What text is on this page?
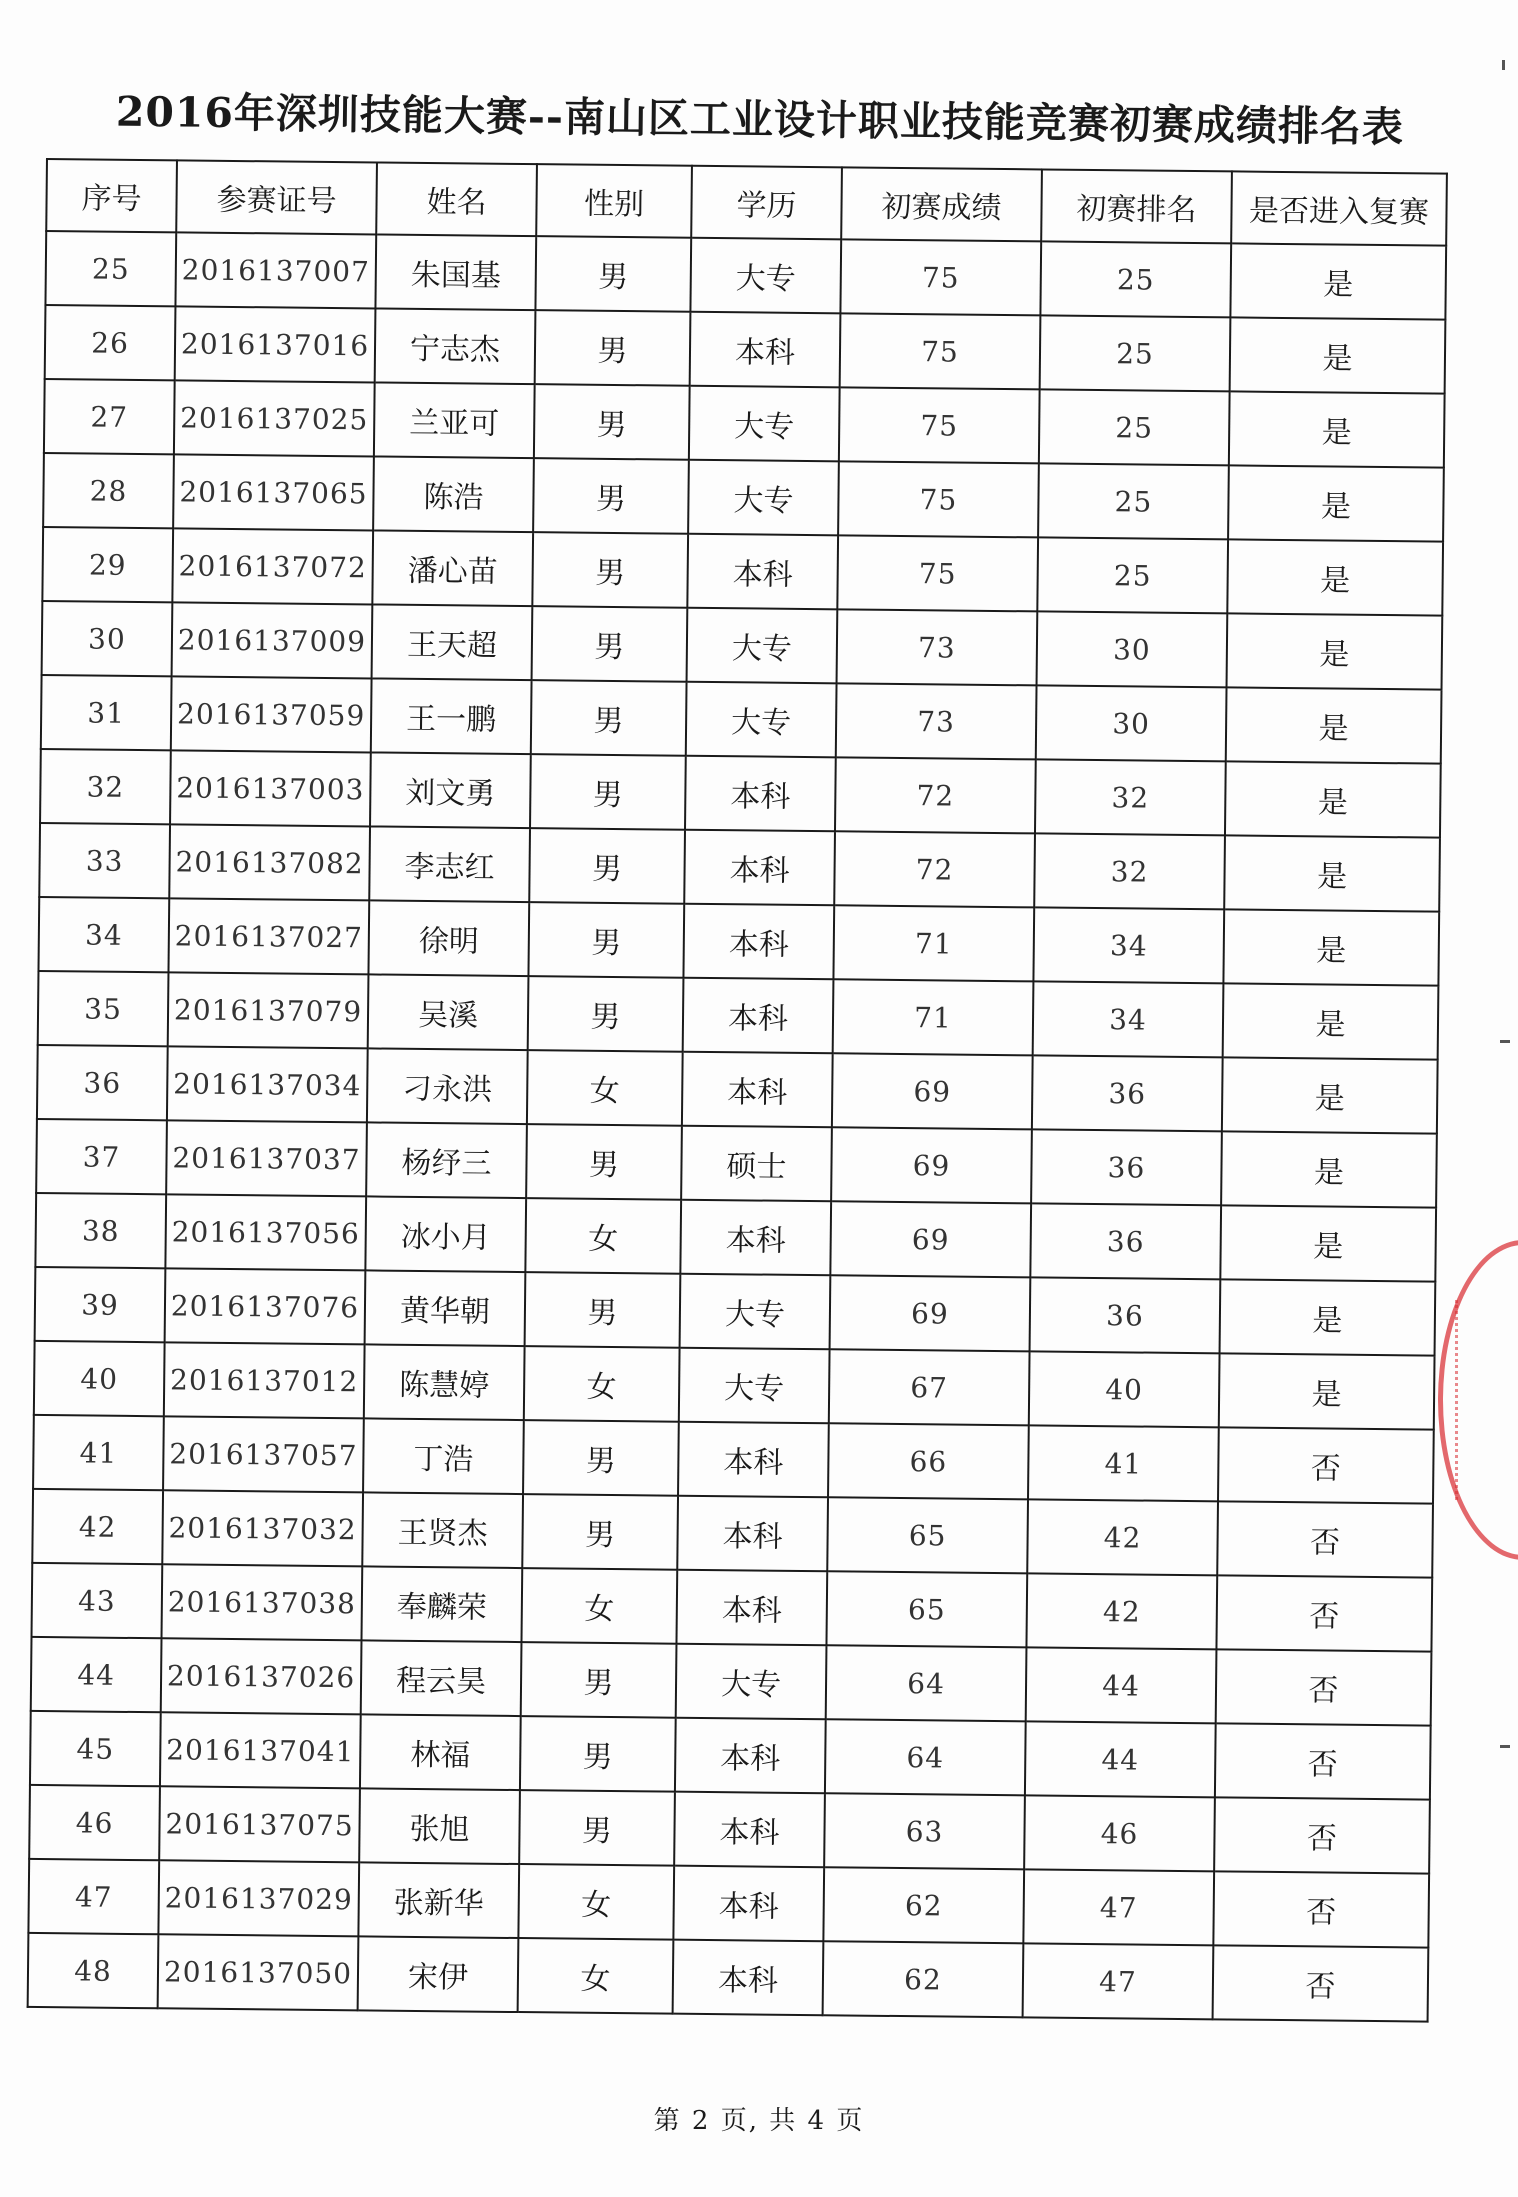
2016年深圳技能大赛--南山区工业设计职业技能竞赛初赛成绩排名表
序号	参赛证号	姓名	性别	学历	初赛成绩	初赛排名	是否进入复赛
25	2016137007	朱国基	男	大专	75	25	是
26	2016137016	宁志杰	男	本科	75	25	是
27	2016137025	兰亚可	男	大专	75	25	是
28	2016137065	陈浩	男	大专	75	25	是
29	2016137072	潘心苗	男	本科	75	25	是
30	2016137009	王天超	男	大专	73	30	是
31	2016137059	王一鹏	男	大专	73	30	是
32	2016137003	刘文勇	男	本科	72	32	是
33	2016137082	李志红	男	本科	72	32	是
34	2016137027	徐明	男	本科	71	34	是
35	2016137079	吴溪	男	本科	71	34	是
36	2016137034	刁永洪	女	本科	69	36	是
37	2016137037	杨纾三	男	硕士	69	36	是
38	2016137056	冰小月	女	本科	69	36	是
39	2016137076	黄华朝	男	大专	69	36	是
40	2016137012	陈慧婷	女	大专	67	40	是
41	2016137057	丁浩	男	本科	66	41	否
42	2016137032	王贤杰	男	本科	65	42	否
43	2016137038	奉麟荣	女	本科	65	42	否
44	2016137026	程云昊	男	大专	64	44	否
45	2016137041	林福	男	本科	64	44	否
46	2016137075	张旭	男	本科	63	46	否
47	2016137029	张新华	女	本科	62	47	否
48	2016137050	宋伊	女	本科	62	47	否
第 2 页, 共 4 页
